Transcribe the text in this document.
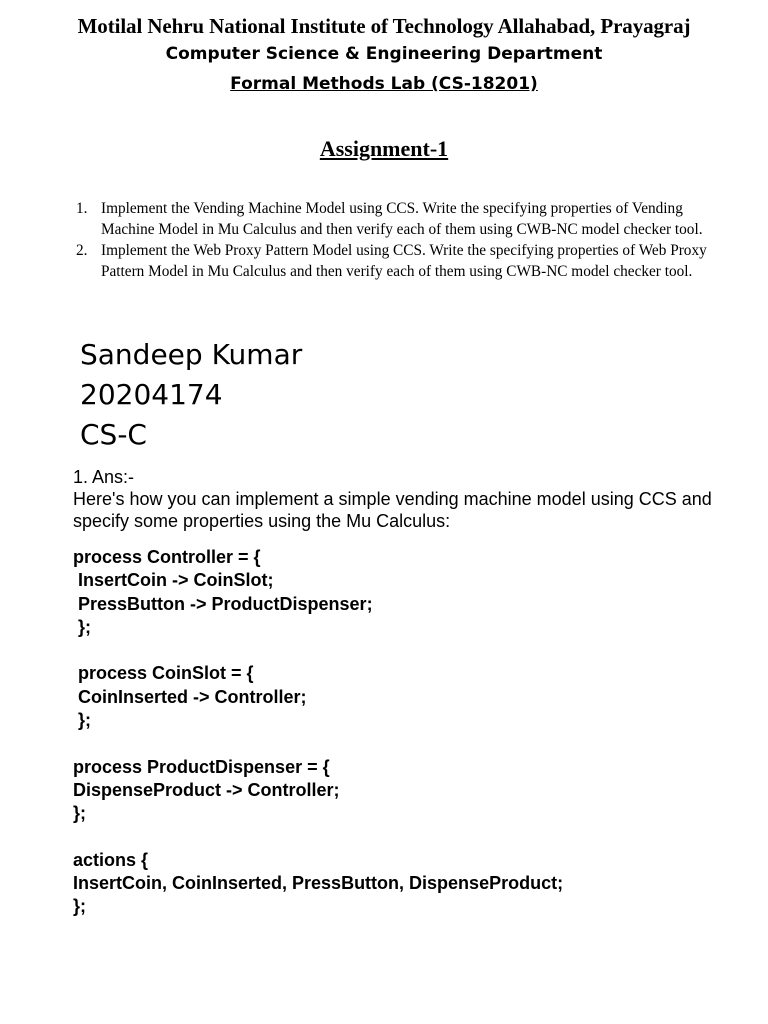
Motilal Nehru National Institute of Technology Allahabad, Prayagraj
Computer Science & Engineering Department
Formal Methods Lab (CS-18201)
Assignment-1
1. Implement the Vending Machine Model using CCS. Write the specifying properties of Vending Machine Model in Mu Calculus and then verify each of them using CWB-NC model checker tool.
2. Implement the Web Proxy Pattern Model using CCS. Write the specifying properties of Web Proxy Pattern Model in Mu Calculus and then verify each of them using CWB-NC model checker tool.
Sandeep Kumar
20204174
CS-C
1. Ans:-
Here's how you can implement a simple vending machine model using CCS and specify some properties using the Mu Calculus:
process Controller = {
InsertCoin -> CoinSlot;
PressButton -> ProductDispenser;
};
process CoinSlot = {
CoinInserted -> Controller;
};
process ProductDispenser = {
DispenseProduct -> Controller;
};
actions {
InsertCoin, CoinInserted, PressButton, DispenseProduct;
};
